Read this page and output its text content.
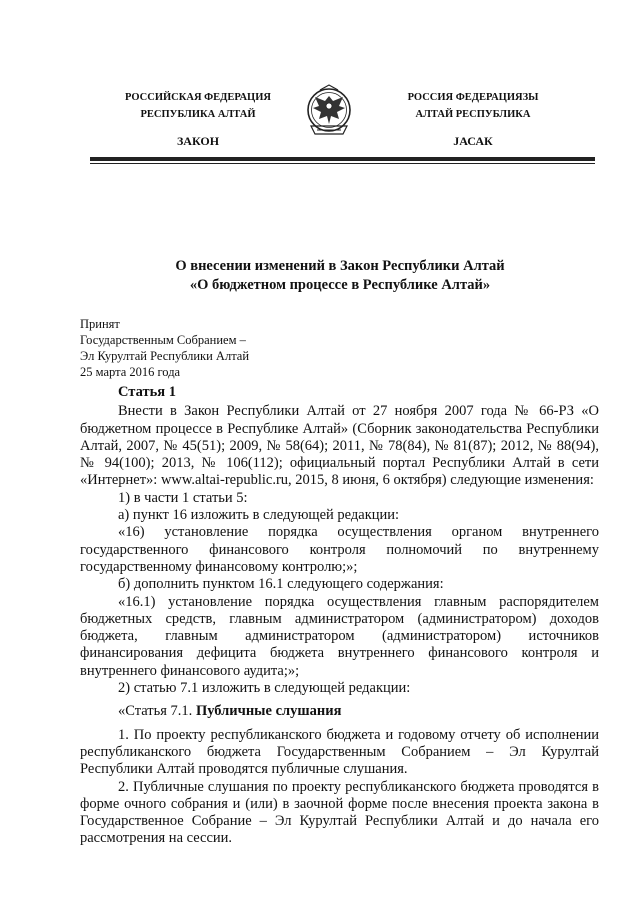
РОССИЙСКАЯ ФЕДЕРАЦИЯ
РЕСПУБЛИКА АЛТАЙ
ЗАКОН
РОССИЯ ФЕДЕРАЦИЯЗЫ
АЛТАЙ РЕСПУБЛИКА
JАСАК
О внесении изменений в Закон Республики Алтай
«О бюджетном процессе в Республике Алтай»
Принят
Государственным Собранием –
Эл Курултай Республики Алтай
25 марта 2016 года

Статья 1

Внести в Закон Республики Алтай от 27 ноября 2007 года № 66-РЗ «О бюджетном процессе в Республике Алтай» (Сборник законодательства Республики Алтай, 2007, № 45(51); 2009, № 58(64); 2011, № 78(84), № 81(87); 2012, № 88(94), № 94(100); 2013, № 106(112); официальный портал Республики Алтай в сети «Интернет»: www.altai-republic.ru, 2015, 8 июня, 6 октября) следующие изменения:

1) в части 1 статьи 5:

а) пункт 16 изложить в следующей редакции:

«16) установление порядка осуществления органом внутреннего государственного финансового контроля полномочий по внутреннему государственному финансовому контролю;»;

б) дополнить пунктом 16.1 следующего содержания:

«16.1) установление порядка осуществления главным распорядителем бюджетных средств, главным администратором (администратором) доходов бюджета, главным администратором (администратором) источников финансирования дефицита бюджета внутреннего финансового контроля и внутреннего финансового аудита;»;

2) статью 7.1 изложить в следующей редакции:

«Статья 7.1. Публичные слушания

1. По проекту республиканского бюджета и годовому отчету об исполнении республиканского бюджета Государственным Собранием – Эл Курултай Республики Алтай проводятся публичные слушания.

2. Публичные слушания по проекту республиканского бюджета проводятся в форме очного собрания и (или) в заочной форме после внесения проекта закона в Государственное Собрание – Эл Курултай Республики Алтай и до начала его рассмотрения на сессии.
